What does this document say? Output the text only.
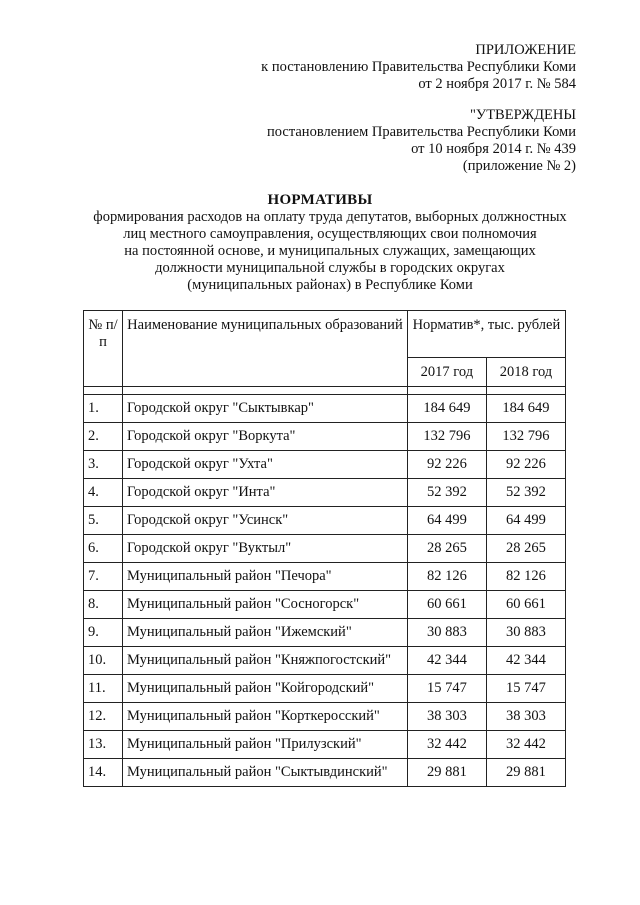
ПРИЛОЖЕНИЕ
к постановлению Правительства Республики Коми
от 2 ноября 2017 г. № 584
"УТВЕРЖДЕНЫ
постановлением Правительства Республики Коми
от 10 ноября 2014 г. № 439
(приложение № 2)
НОРМАТИВЫ
формирования расходов на оплату труда депутатов, выборных должностных
лиц местного самоуправления, осуществляющих свои полномочия
на постоянной основе, и муниципальных служащих, замещающих
должности муниципальной службы в городских округах
(муниципальных районах) в Республике Коми
№ п/п	Наименование муниципальных образований	Норматив*, тыс. рублей	
		2017 год	2018 год

1.	Городской округ "Сыктывкар"	184 649	184 649
2.	Городской округ "Воркута"	132 796	132 796
3.	Городской округ "Ухта"	92 226	92 226
4.	Городской округ "Инта"	52 392	52 392
5.	Городской округ "Усинск"	64 499	64 499
6.	Городской округ "Вуктыл"	28 265	28 265
7.	Муниципальный район "Печора"	82 126	82 126
8.	Муниципальный район "Сосногорск"	60 661	60 661
9.	Муниципальный район "Ижемский"	30 883	30 883
10.	Муниципальный район "Княжпогостский"	42 344	42 344
11.	Муниципальный район "Койгородский"	15 747	15 747
12.	Муниципальный район "Корткеросский"	38 303	38 303
13.	Муниципальный район "Прилузский"	32 442	32 442
14.	Муниципальный район "Сыктывдинский"	29 881	29 881
